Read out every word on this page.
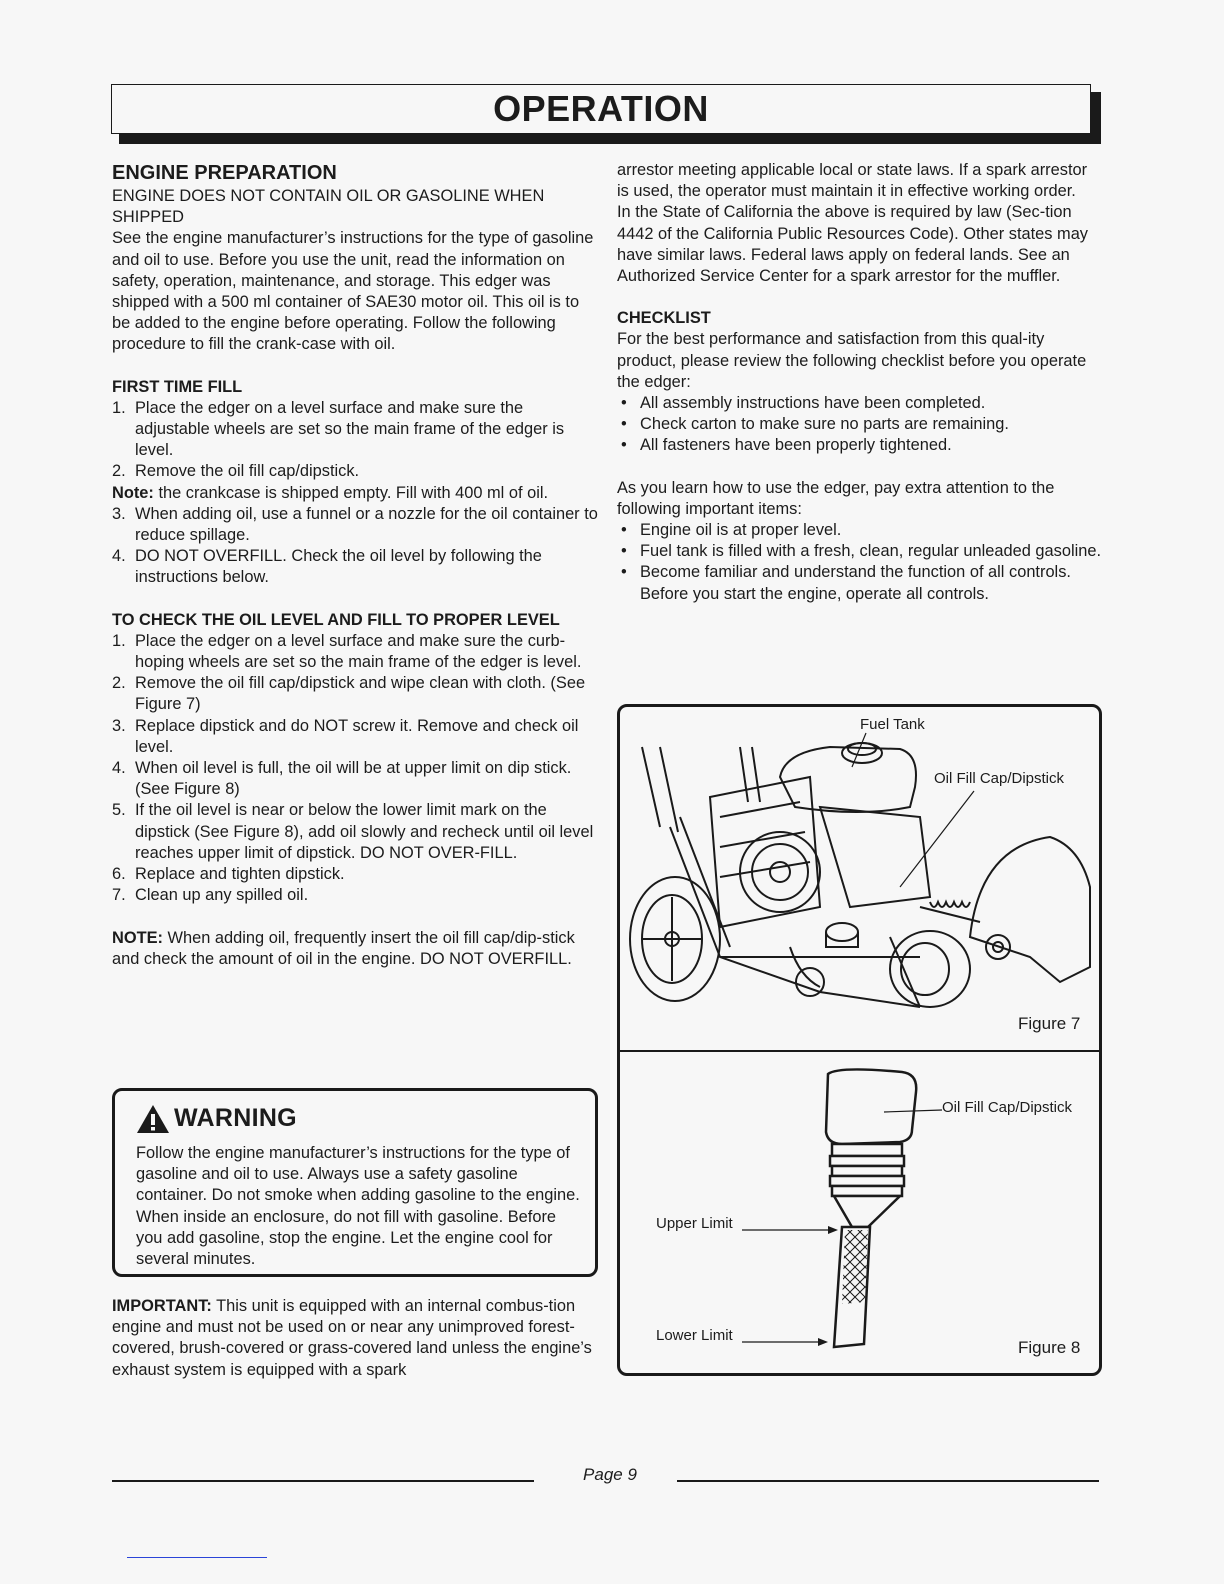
OPERATION
ENGINE PREPARATION

ENGINE DOES NOT CONTAIN OIL OR GASOLINE WHEN SHIPPED

See the engine manufacturer’s instructions for the type of gasoline and oil to use. Before you use the unit, read the information on safety, operation, maintenance, and storage. This edger was shipped with a 500 ml container of SAE30 motor oil. This oil is to be added to the engine before operating. Follow the following procedure to fill the crank-case with oil.

FIRST TIME FILL
1. Place the edger on a level surface and make sure the adjustable wheels are set so the main frame of the edger is level.
2. Remove the oil fill cap/dipstick.

Note: the crankcase is shipped empty. Fill with 400 ml of oil.

3. When adding oil, use a funnel or a nozzle for the oil container to reduce spillage.
4. DO NOT OVERFILL. Check the oil level by following the instructions below.
TO CHECK THE OIL LEVEL AND FILL TO PROPER LEVEL
1. Place the edger on a level surface and make sure the curb-hoping wheels are set so the main frame of the edger is level.
2. Remove the oil fill cap/dipstick and wipe clean with cloth. (See Figure 7)
3. Replace dipstick and do NOT screw it. Remove and check oil level.
4. When oil level is full, the oil will be at upper limit on dip stick. (See Figure 8)
5. If the oil level is near or below the lower limit mark on the dipstick (See Figure 8), add oil slowly and recheck until oil level reaches upper limit of dipstick. DO NOT OVER-FILL.
6. Replace and tighten dipstick.
7. Clean up any spilled oil.

NOTE: When adding oil, frequently insert the oil fill cap/dip-stick and check the amount of oil in the engine. DO NOT OVERFILL.

WARNING

Follow the engine manufacturer’s instructions for the type of gasoline and oil to use. Always use a safety gasoline container. Do not smoke when adding gasoline to the engine. When inside an enclosure, do not fill with gasoline. Before you add gasoline, stop the engine. Let the engine cool for several minutes.

IMPORTANT: This unit is equipped with an internal combus-tion engine and must not be used on or near any unimproved forest-covered, brush-covered or grass-covered land unless the engine’s exhaust system is equipped with a spark

arrestor meeting applicable local or state laws. If a spark arrestor is used, the operator must maintain it in effective working order.

In the State of California the above is required by law (Sec-tion 4442 of the California Public Resources Code). Other states may have similar laws. Federal laws apply on federal lands. See an Authorized Service Center for a spark arrestor for the muffler.

CHECKLIST

For the best performance and satisfaction from this qual-ity product, please review the following checklist before you operate the edger:

• All assembly instructions have been completed.
• Check carton to make sure no parts are remaining.
• All fasteners have been properly tightened.

As you learn how to use the edger, pay extra attention to the following important items:

• Engine oil is at proper level.
• Fuel tank is filled with a fresh, clean, regular unleaded gasoline.
• Become familiar and understand the function of all controls. Before you start the engine, operate all controls.
Fuel Tank
Oil Fill Cap/Dipstick
Figure 7
Oil Fill Cap/Dipstick
Upper Limit
Lower Limit
Figure 8
Page 9
